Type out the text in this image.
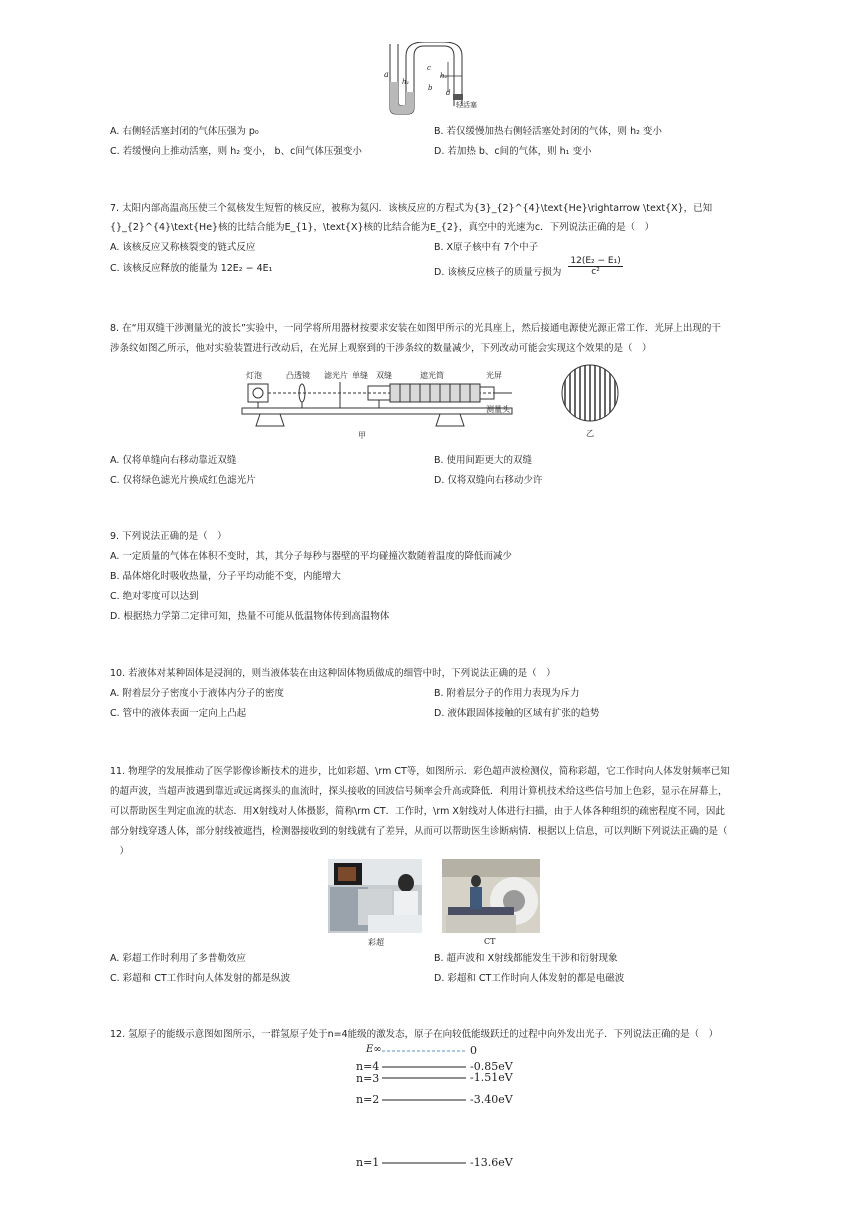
a
h₁
c
h₂
b
d
轻活塞
A. 右侧轻活塞封闭的气体压强为 p₀	B. 若仅缓慢加热右侧轻活塞处封闭的气体，则 h₂ 变小
C. 若缓慢向上推动活塞，则 h₂ 变小， b、c间气体压强变小	D. 若加热 b、c间的气体，则 h₁ 变小
7. 太阳内部高温高压使三个氦核发生短暂的核反应，被称为氦闪．该核反应的方程式为{3}_{2}^{4}\text{He}\rightarrow \text{X}，已知
{}_{2}^{4}\text{He}核的比结合能为E_{1}，\text{X}核的比结合能为E_{2}，真空中的光速为c．下列说法正确的是（　）
A. 该核反应又称核裂变的链式反应	B. X原子核中有 7个中子
C. 该核反应释放的能量为 12E₂ − 4E₁	D. 该核反应核子的质量亏损为 $\frac{\text{12(E₂ − E₁)}}{\text{c²}}$
8. 在“用双缝干涉测量光的波长”实验中，一同学将所用器材按要求安装在如图甲所示的光具座上，然后接通电源使光源正常工作．光屏上出现的干
涉条纹如图乙所示，他对实验装置进行改动后，在光屏上观察到的干涉条纹的数量减少，下列改动可能会实现这个效果的是（　）
灯泡	凸透镜 滤光片 单缝 双缝	遮光筒	光屏
测量头
甲	乙
A. 仅将单缝向右移动靠近双缝	B. 使用间距更大的双缝
C. 仅将绿色滤光片换成红色滤光片	D. 仅将双缝向右移动少许
9. 下列说法正确的是（　）
A. 一定质量的气体在体积不变时，其，其分子每秒与器壁的平均碰撞次数随着温度的降低而减少
B. 晶体熔化时吸收热量，分子平均动能不变，内能增大
C. 绝对零度可以达到
D. 根据热力学第二定律可知，热量不可能从低温物体传到高温物体
10. 若液体对某种固体是浸润的，则当液体装在由这种固体物质做成的细管中时，下列说法正确的是（　）
A. 附着层分子密度小于液体内分子的密度	B. 附着层分子的作用力表现为斥力
C. 管中的液体表面一定向上凸起	D. 液体跟固体接触的区域有扩张的趋势
11. 物理学的发展推动了医学影像诊断技术的进步，比如彩超、\rm CT等，如图所示．彩色超声波检测仪，简称彩超，它工作时向人体发射频率已知
的超声波，当超声波遇到靠近或远离探头的血流时，探头接收的回波信号频率会升高或降低．利用计算机技术给这些信号加上色彩，显示在屏幕上，
可以帮助医生判定血流的状态．用X射线对人体摄影，简称\rm CT．工作时，\rm X射线对人体进行扫描，由于人体各种组织的疏密程度不同，因此
部分射线穿透人体，部分射线被遮挡，检测器接收到的射线就有了差异，从而可以帮助医生诊断病情．根据以上信息，可以判断下列说法正确的是（
　）
彩超	CT
A. 彩超工作时利用了多普勒效应	B. 超声波和 X射线都能发生干涉和衍射现象
C. 彩超和 CT工作时向人体发射的都是纵波	D. 彩超和 CT工作时向人体发射的都是电磁波
12. 氢原子的能级示意图如图所示，一群氢原子处于n=4能级的激发态，原子在向较低能级跃迁的过程中向外发出光子．下列说法正确的是（　）
E∞	0
n=4	-0.85eV
n=3	-1.51eV
n=2	-3.40eV
n=1	-13.6eV
